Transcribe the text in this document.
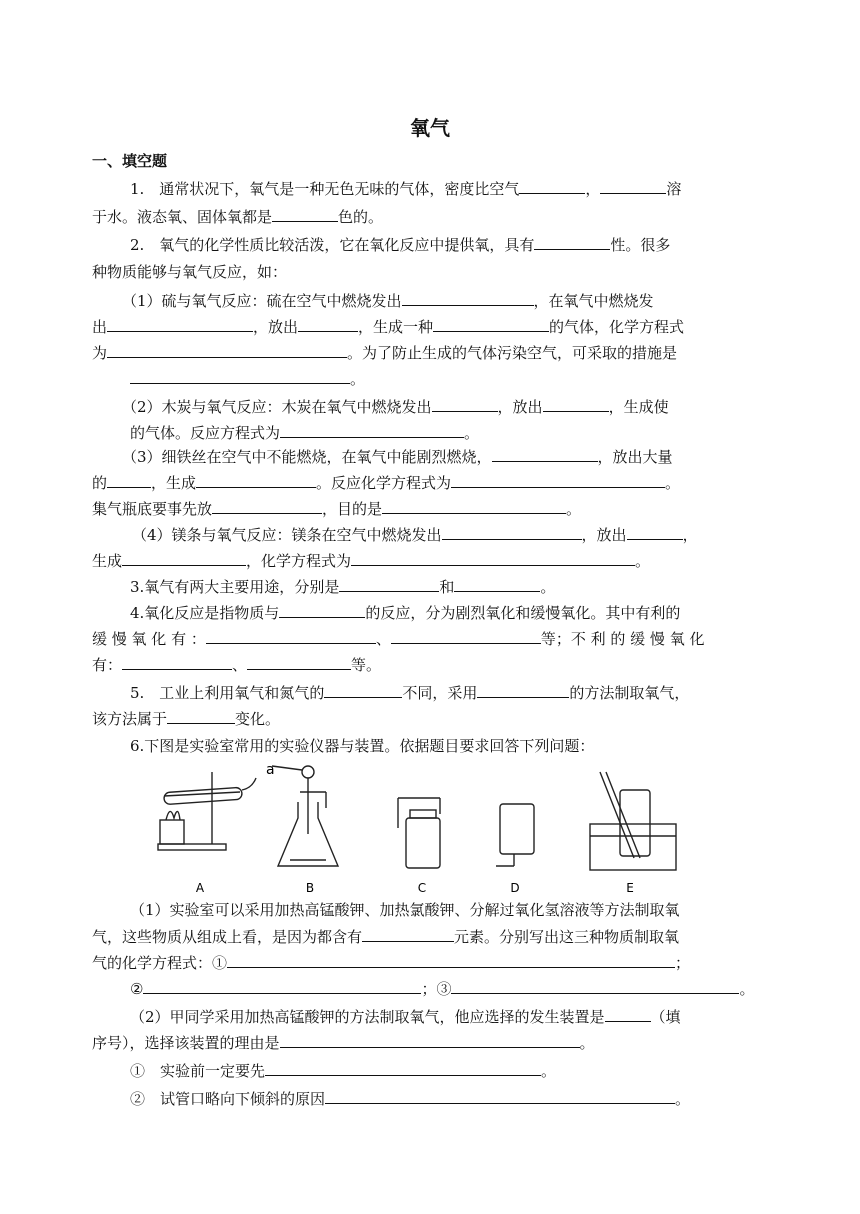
氧气
一、填空题
1.　通常状况下，氧气是一种无色无味的气体，密度比空气	，	溶
于水。液态氧、固体氧都是	色的。
2.　氧气的化学性质比较活泼，它在氧化反应中提供氧，具有	性。很多
种物质能够与氧气反应，如：
（1）硫与氧气反应：硫在空气中燃烧发出	，在氧气中燃烧发
出	，放出	，生成一种	的气体，化学方程式
为	。为了防止生成的气体污染空气，可采取的措施是
。
（2）木炭与氧气反应：木炭在氧气中燃烧发出	，放出	，生成使
的气体。反应方程式为	。
（3）细铁丝在空气中不能燃烧，在氧气中能剧烈燃烧，	，放出大量
的	，生成	。反应化学方程式为	。
集气瓶底要事先放	，目的是	。
（4）镁条与氧气反应：镁条在空气中燃烧发出	，放出	，
生成	，化学方程式为	。
3.氧气有两大主要用途，分别是	和	。
4.氧化反应是指物质与	的反应，分为剧烈氧化和缓慢氧化。其中有利的
缓 慢 氧 化 有 ：	、	等；不 利 的 缓 慢 氧 化
有：	、	等。
5.　工业上利用氧气和氮气的	不同，采用	的方法制取氧气，
该方法属于	变化。
6.下图是实验室常用的实验仪器与装置。依据题目要求回答下列问题：
A
a
B	C	D	E
（1）实验室可以采用加热高锰酸钾、加热氯酸钾、分解过氧化氢溶液等方法制取氧
气，这些物质从组成上看，是因为都含有	元素。分别写出这三种物质制取氧
气的化学方程式：①	；
②	；③	。
（2）甲同学采用加热高锰酸钾的方法制取氧气，他应选择的发生装置是	（填
序号），选择该装置的理由是	。
①　实验前一定要先	。
②　试管口略向下倾斜的原因	。
